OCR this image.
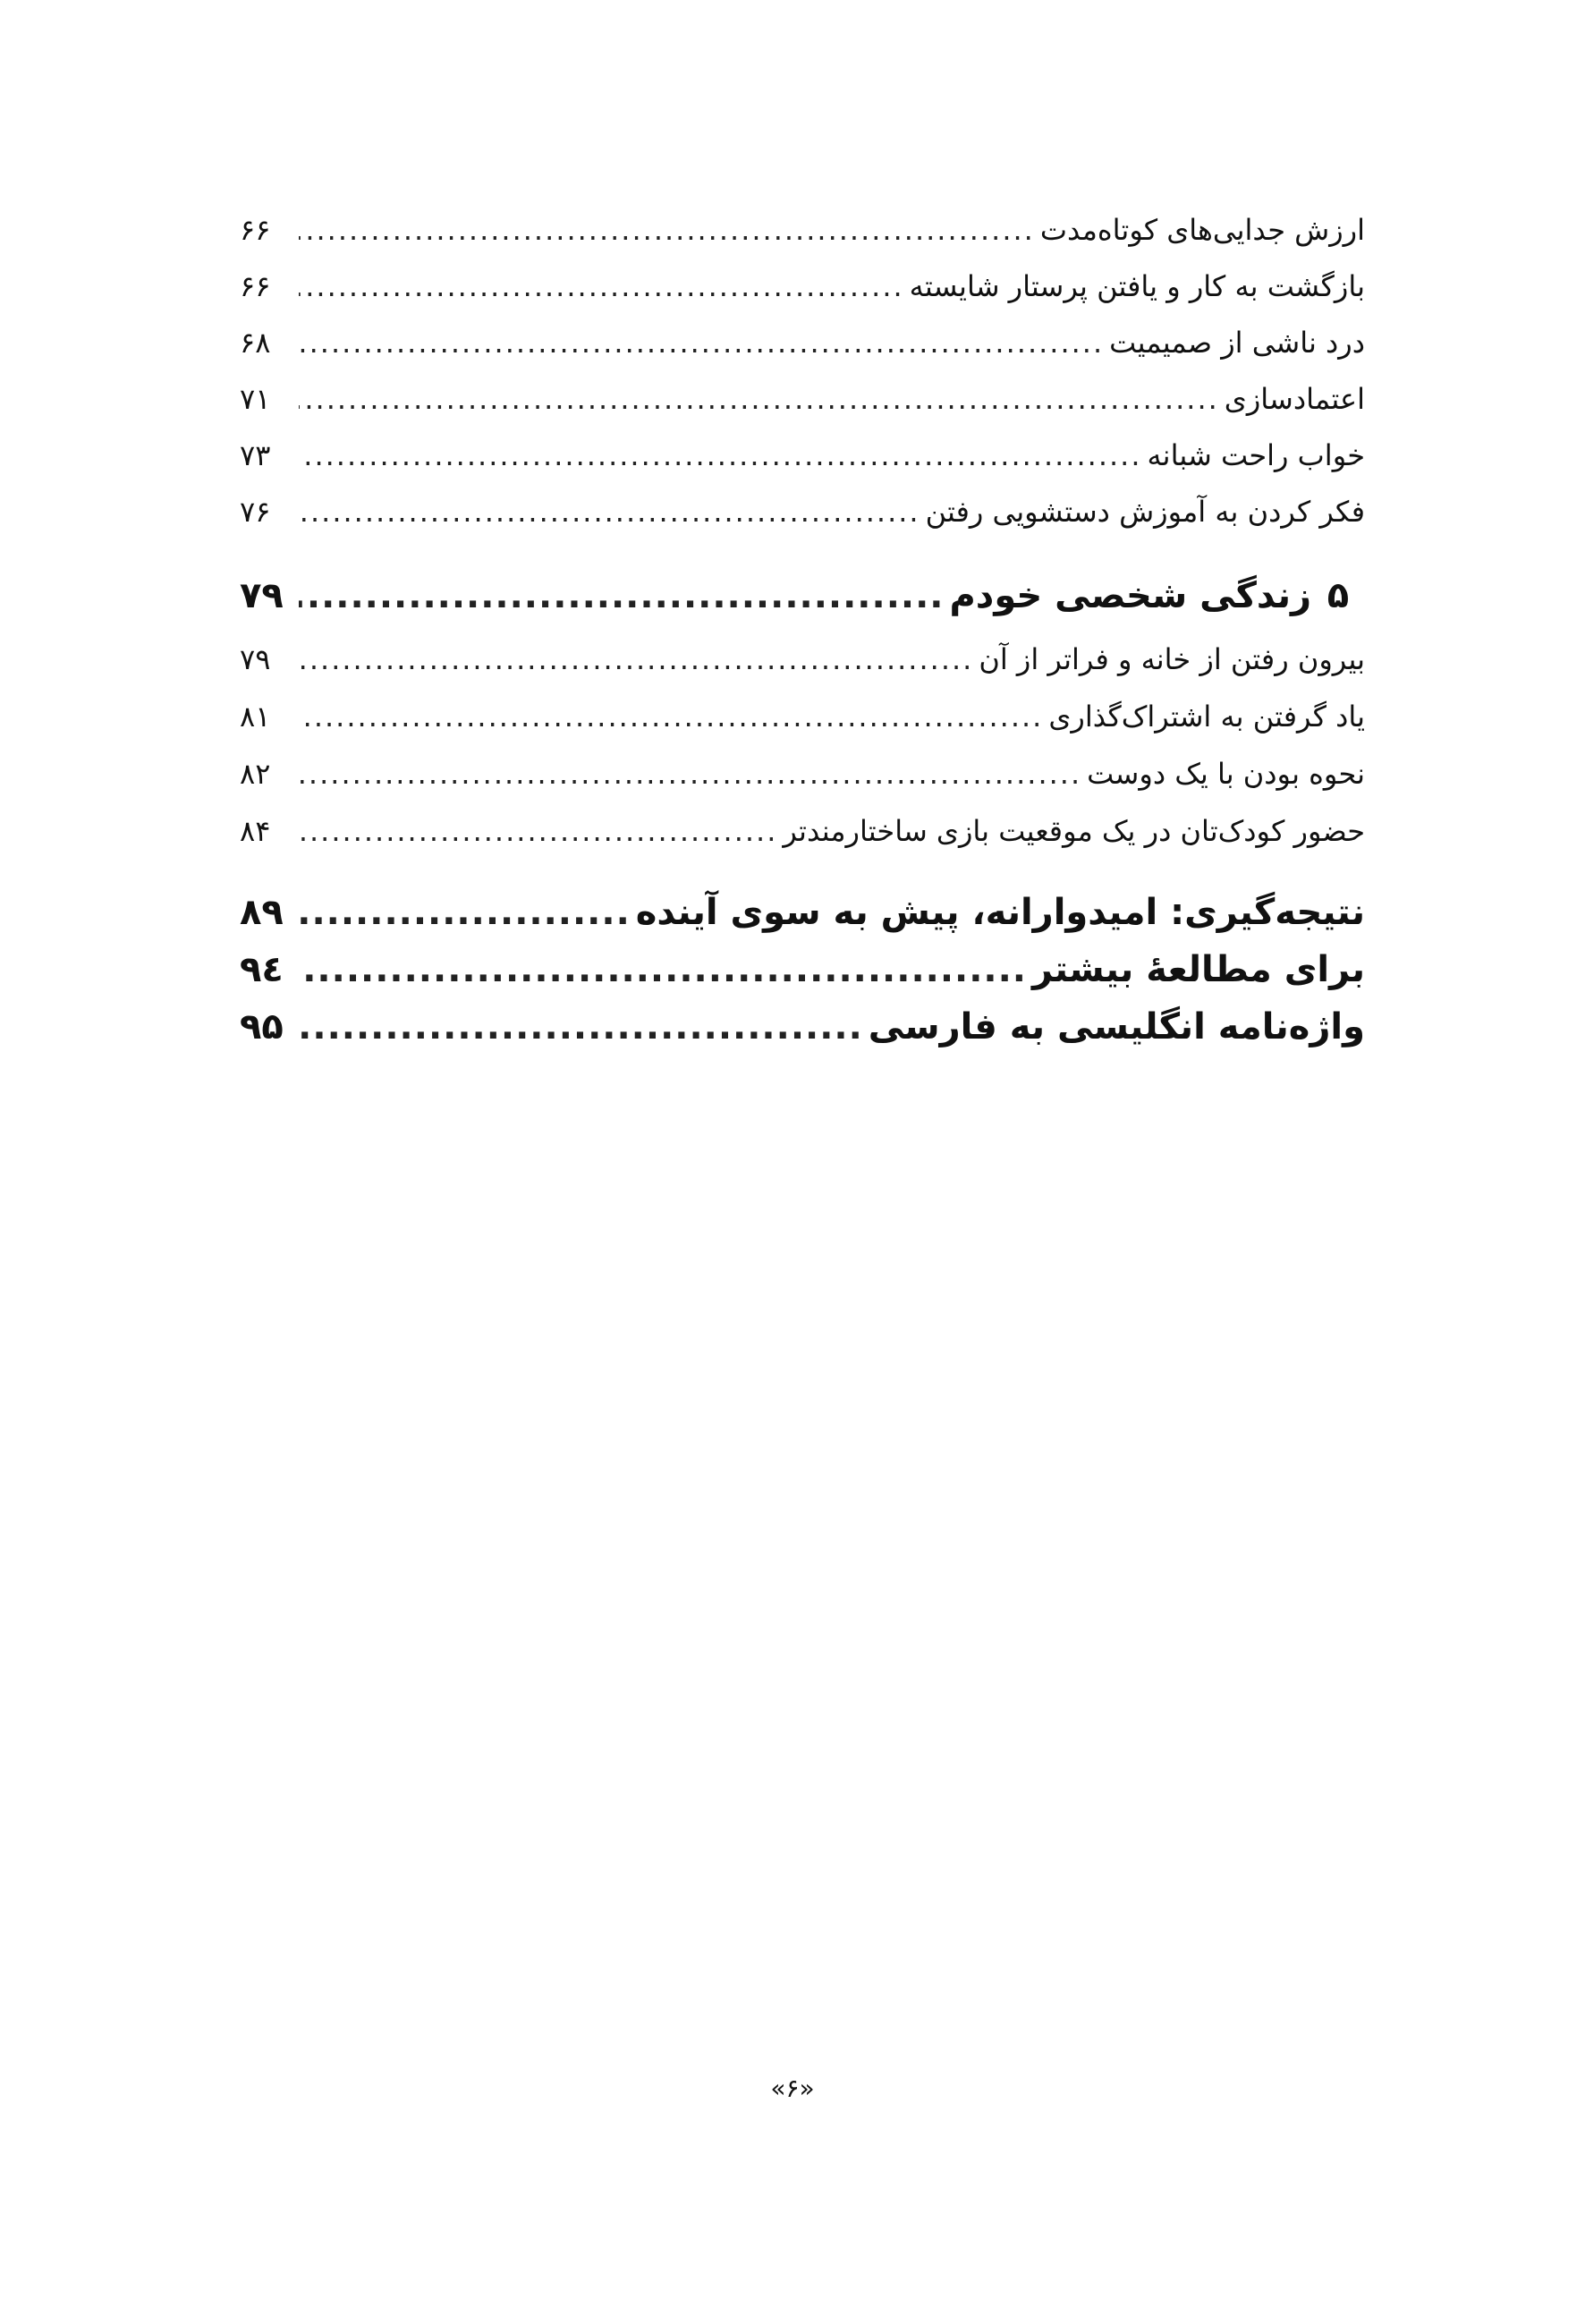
ارزش جدایی‌های کوتاه‌مدت
.....
۶۶
بازگشت به کار و یافتن پرستار شایسته
.....
۶۶
درد ناشی از صمیمیت
.....
۶۸
اعتمادسازی
.....
۷۱
خواب راحت شبانه
.....
۷۳
فکر کردن به آموزش دستشویی رفتن
.....
۷۶
۵
زندگی شخصی خودم
.....
۷۹
بیرون رفتن از خانه و فراتر از آن
.....
۷۹
یاد گرفتن به اشتراک‌گذاری
.....
۸۱
نحوه بودن با یک دوست
.....
۸۲
حضور کودک‌تان در یک موقعیت بازی ساختارمندتر
.....
۸۴
نتیجه‌گیری: امیدوارانه، پیش به سوی آینده
.....
۸۹
برای مطالعۀ بیشتر
.....
۹٤
واژه‌نامه انگلیسی به فارسی
.....
۹۵
«۶»
